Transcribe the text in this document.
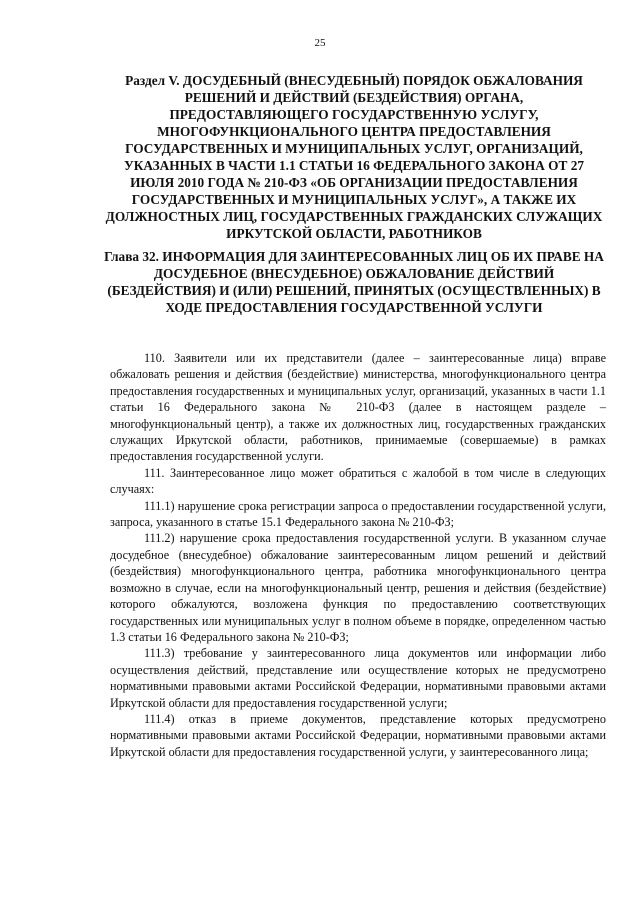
25
Раздел V. ДОСУДЕБНЫЙ (ВНЕСУДЕБНЫЙ) ПОРЯДОК ОБЖАЛОВАНИЯ РЕШЕНИЙ И ДЕЙСТВИЙ (БЕЗДЕЙСТВИЯ) ОРГАНА, ПРЕДОСТАВЛЯЮЩЕГО ГОСУДАРСТВЕННУЮ УСЛУГУ, МНОГОФУНКЦИОНАЛЬНОГО ЦЕНТРА ПРЕДОСТАВЛЕНИЯ ГОСУДАРСТВЕННЫХ И МУНИЦИПАЛЬНЫХ УСЛУГ, ОРГАНИЗАЦИЙ, УКАЗАННЫХ В ЧАСТИ 1.1 СТАТЬИ 16 ФЕДЕРАЛЬНОГО ЗАКОНА ОТ 27 ИЮЛЯ 2010 ГОДА № 210-ФЗ «ОБ ОРГАНИЗАЦИИ ПРЕДОСТАВЛЕНИЯ ГОСУДАРСТВЕННЫХ И МУНИЦИПАЛЬНЫХ УСЛУГ», А ТАКЖЕ ИХ ДОЛЖНОСТНЫХ ЛИЦ, ГОСУДАРСТВЕННЫХ ГРАЖДАНСКИХ СЛУЖАЩИХ ИРКУТСКОЙ ОБЛАСТИ, РАБОТНИКОВ
Глава 32. ИНФОРМАЦИЯ ДЛЯ ЗАИНТЕРЕСОВАННЫХ ЛИЦ ОБ ИХ ПРАВЕ НА ДОСУДЕБНОЕ (ВНЕСУДЕБНОЕ) ОБЖАЛОВАНИЕ ДЕЙСТВИЙ (БЕЗДЕЙСТВИЯ) И (ИЛИ) РЕШЕНИЙ, ПРИНЯТЫХ (ОСУЩЕСТВЛЕННЫХ) В ХОДЕ ПРЕДОСТАВЛЕНИЯ ГОСУДАРСТВЕННОЙ УСЛУГИ

110. Заявители или их представители (далее – заинтересованные лица) вправе обжаловать решения и действия (бездействие) министерства, многофункционального центра предоставления государственных и муниципальных услуг, организаций, указанных в части 1.1 статьи 16 Федерального закона № 210-ФЗ (далее в настоящем разделе – многофункциональный центр), а также их должностных лиц, государственных гражданских служащих Иркутской области, работников, принимаемые (совершаемые) в рамках предоставления государственной услуги.

111. Заинтересованное лицо может обратиться с жалобой в том числе в следующих случаях:

111.1) нарушение срока регистрации запроса о предоставлении государственной услуги, запроса, указанного в статье 15.1 Федерального закона № 210-ФЗ;

111.2) нарушение срока предоставления государственной услуги. В указанном случае досудебное (внесудебное) обжалование заинтересованным лицом решений и действий (бездействия) многофункционального центра, работника многофункционального центра возможно в случае, если на многофункциональный центр, решения и действия (бездействие) которого обжалуются, возложена функция по предоставлению соответствующих государственных или муниципальных услуг в полном объеме в порядке, определенном частью 1.3 статьи 16 Федерального закона № 210-ФЗ;

111.3) требование у заинтересованного лица документов или информации либо осуществления действий, представление или осуществление которых не предусмотрено нормативными правовыми актами Российской Федерации, нормативными правовыми актами Иркутской области для предоставления государственной услуги;

111.4) отказ в приеме документов, представление которых предусмотрено нормативными правовыми актами Российской Федерации, нормативными правовыми актами Иркутской области для предоставления государственной услуги, у заинтересованного лица;
